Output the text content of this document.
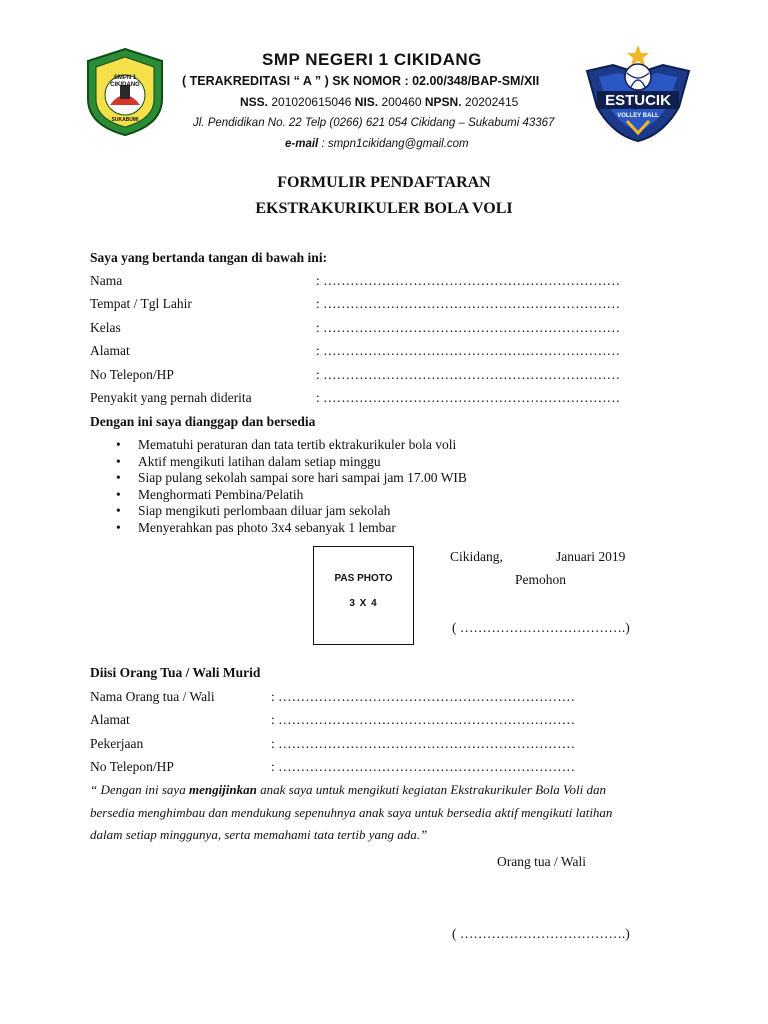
SMPN 1
CIKIDANG
SUKABUMI
ESTUCIK
VOLLEY BALL
SMP NEGERI 1 CIKIDANG
( TERAKREDITASI “ A ” ) SK NOMOR : 02.00/348/BAP-SM/XII
NSS. 201020615046 NIS. 200460 NPSN. 20202415
Jl. Pendidikan No. 22 Telp (0266) 621 054 Cikidang – Sukabumi 43367
e-mail : smpn1cikidang@gmail.com
FORMULIR PENDAFTARAN
EKSTRAKURIKULER BOLA VOLI
Saya yang bertanda tangan di bawah ini:
Nama	: …………………………………………………………
Tempat / Tgl Lahir	: …………………………………………………………
Kelas	: …………………………………………………………
Alamat	: …………………………………………………………
No Telepon/HP	: …………………………………………………………
Penyakit yang pernah diderita	: …………………………………………………………
Dengan ini saya dianggap dan bersedia
• Mematuhi peraturan dan tata tertib ektrakurikuler bola voli
• Aktif mengikuti latihan dalam setiap minggu
• Siap pulang sekolah sampai sore hari sampai jam 17.00 WIB
• Menghormati Pembina/Pelatih
• Siap mengikuti perlombaan diluar jam sekolah
• Menyerahkan pas photo 3x4 sebanyak 1 lembar
PAS PHOTO
3 X 4
Cikidang,	Januari 2019
Pemohon
( ……………………………….)
Diisi Orang Tua / Wali Murid
Nama Orang tua / Wali	: …………………………………………………………
Alamat	: …………………………………………………………
Pekerjaan	: …………………………………………………………
No Telepon/HP	: …………………………………………………………
“ Dengan ini saya mengijinkan anak saya untuk mengikuti kegiatan Ekstrakurikuler Bola Voli dan
bersedia menghimbau dan mendukung sepenuhnya anak saya untuk bersedia aktif mengikuti latihan
dalam setiap minggunya, serta memahami tata tertib yang ada.”
Orang tua / Wali
( ……………………………….)
